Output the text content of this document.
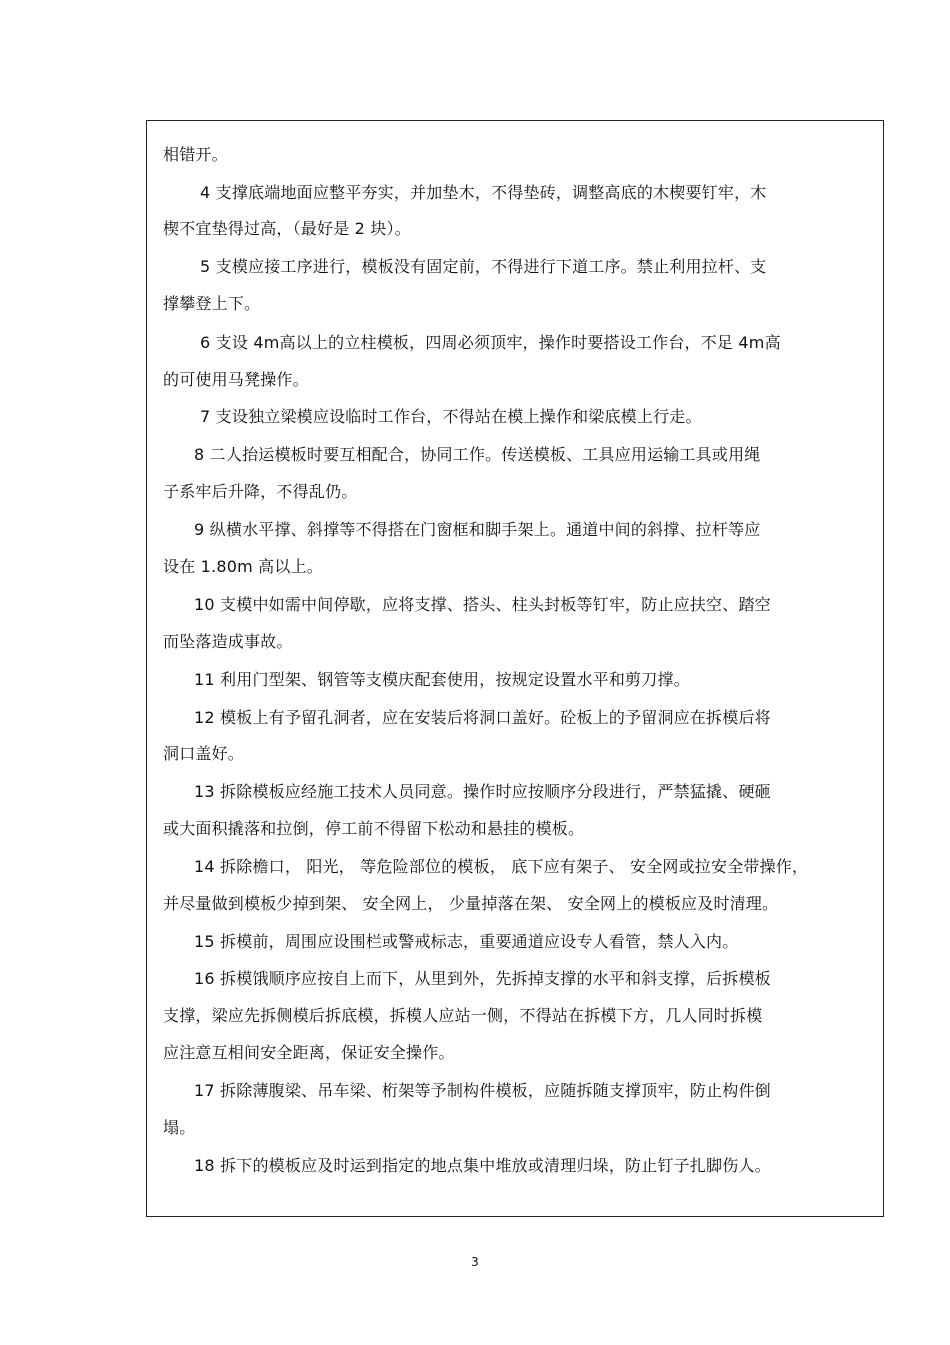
相错开。
4 支撑底端地面应整平夯实，并加垫木，不得垫砖，调整高底的木楔要钉牢，木
楔不宜垫得过高，（最好是 2 块）。
5 支模应接工序进行，模板没有固定前，不得进行下道工序。禁止利用拉杆、支
撑攀登上下。
6 支设 4m高以上的立柱模板，四周必须顶牢，操作时要搭设工作台，不足 4m高
的可使用马凳操作。
7 支设独立梁模应设临时工作台，不得站在模上操作和梁底模上行走。
8 二人抬运模板时要互相配合，协同工作。传送模板、工具应用运输工具或用绳
子系牢后升降，不得乱仍。
9 纵横水平撑、斜撑等不得搭在门窗框和脚手架上。通道中间的斜撑、拉杆等应
设在 1.80m 高以上。
10 支模中如需中间停歇，应将支撑、搭头、柱头封板等钉牢，防止应扶空、踏空
而坠落造成事故。
11 利用门型架、钢管等支模庆配套使用，按规定设置水平和剪刀撑。
12 模板上有予留孔洞者，应在安装后将洞口盖好。砼板上的予留洞应在拆模后将
洞口盖好。
13 拆除模板应经施工技术人员同意。操作时应按顺序分段进行，严禁猛撬、硬砸
或大面积撬落和拉倒，停工前不得留下松动和悬挂的模板。
14 拆除檐口， 阳光， 等危险部位的模板， 底下应有架子、 安全网或拉安全带操作，
并尽量做到模板少掉到架、 安全网上， 少量掉落在架、 安全网上的模板应及时清理。
15 拆模前，周围应设围栏或警戒标志，重要通道应设专人看管，禁人入内。
16 拆模饿顺序应按自上而下，从里到外，先拆掉支撑的水平和斜支撑，后拆模板
支撑，梁应先拆侧模后拆底模，拆模人应站一侧，不得站在拆模下方，几人同时拆模
应注意互相间安全距离，保证安全操作。
17 拆除薄腹梁、吊车梁、桁架等予制构件模板，应随拆随支撑顶牢，防止构件倒
塌。
18 拆下的模板应及时运到指定的地点集中堆放或清理归垛，防止钉子扎脚伤人。
3
